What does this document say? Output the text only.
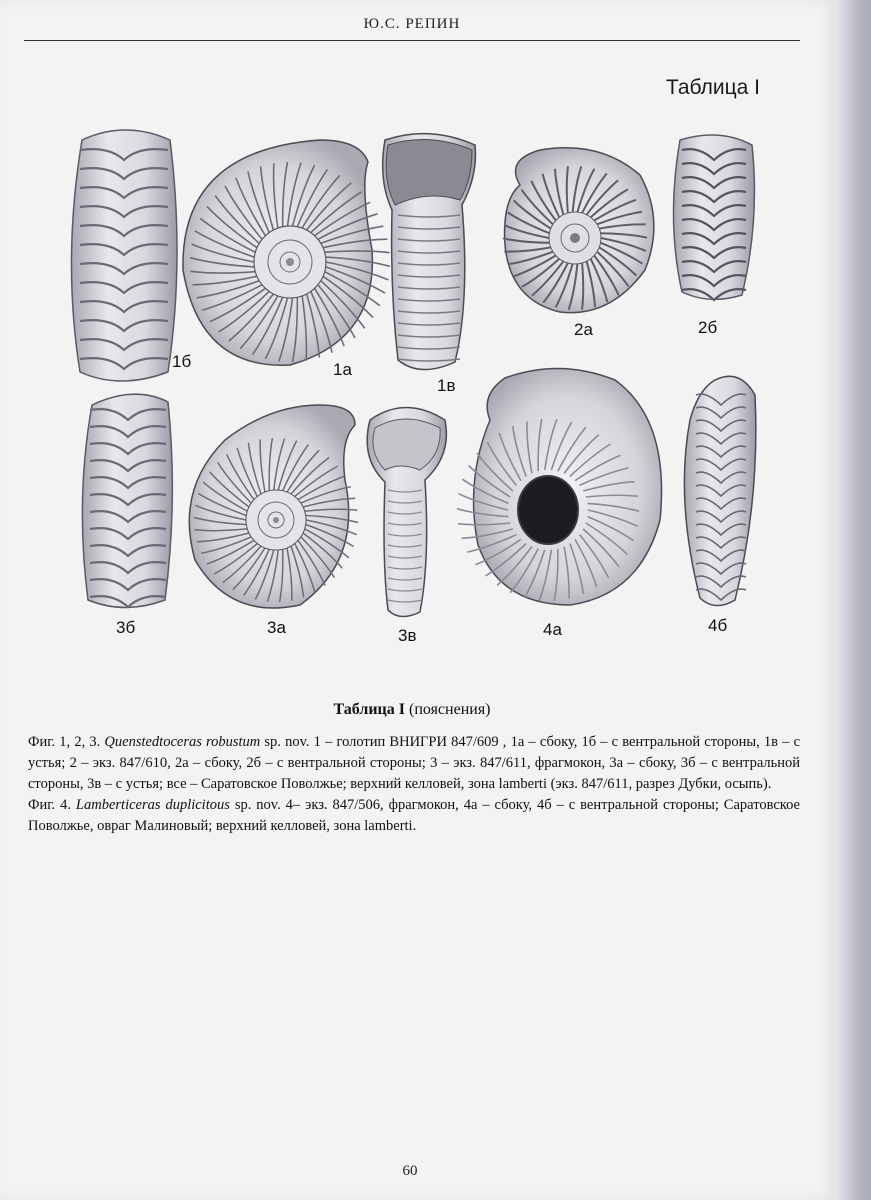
Ю.С. РЕПИН
Таблица I
1б	1а
1в
2а	2б
3б	3а	3в	4а	4б
Таблица I (пояснения)

Фиг. 1, 2, 3. Quenstedtoceras robustum sp. nov. 1 – голотип ВНИГРИ 847/609 , 1а – сбоку, 1б – с вентральной стороны, 1в – с устья; 2 – экз. 847/610, 2а – сбоку, 2б – с вентральной стороны; 3 – экз. 847/611, фрагмокон, 3а – сбоку, 3б – с вентральной стороны, 3в – с устья; все – Саратовское Поволжье; верхний келловей, зона lamberti (экз. 847/611, разрез Дубки, осыпь).

Фиг. 4. Lamberticeras duplicitous sp. nov. 4– экз. 847/506, фрагмокон, 4а – сбоку, 4б – с вентральной стороны; Саратовское Поволжье, овраг Малиновый; верхний келловей, зона lamberti.

60
